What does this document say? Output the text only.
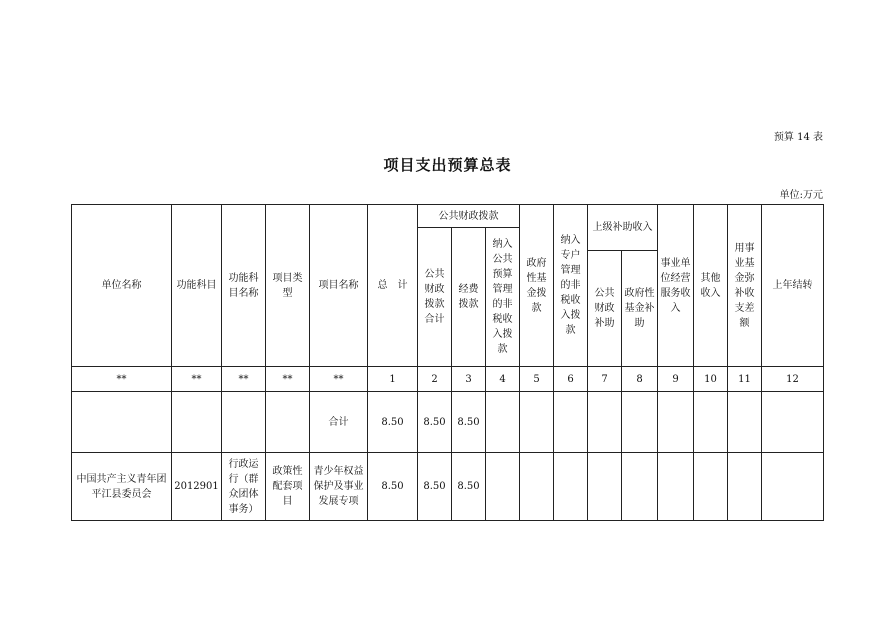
预算 14 表
项目支出预算总表
单位:万元
单位名称	功能科目	功能科目名称	项目类型	项目名称	总　计	公共财政拨款			政府性基金拨款	纳入专户管理的非税收入拨款	上级补助收入		事业单位经营服务收入	其他收入	用事业基金弥补收支差额	上年结转
						公共财政拨款合计	经费拨款	纳入公共预算管理的非税收入拨款								
											公共财政补助	政府性基金补助				
**	**	**	**	**	1	2	3	4	5	6	7	8	9	10	11	12
				合计	8.50	8.50	8.50									
中国共产主义青年团平江县委员会	2012901	行政运行（群众团体事务）	政策性配套项目	青少年权益保护及事业发展专项	8.50	8.50	8.50									
